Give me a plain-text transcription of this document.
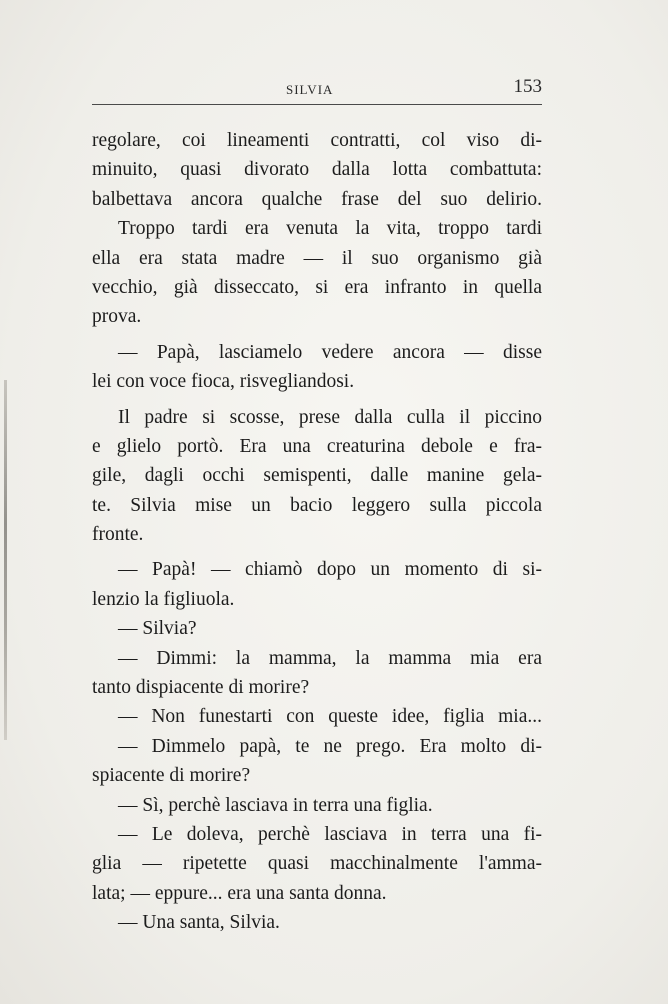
SILVIA	153
regolare, coi lineamenti contratti, col viso di-
minuito, quasi divorato dalla lotta combattuta:
balbettava ancora qualche frase del suo delirio.
Troppo tardi era venuta la vita, troppo tardi
ella era stata madre — il suo organismo già
vecchio, già disseccato, si era infranto in quella
prova.
— Papà, lasciamelo vedere ancora — disse
lei con voce fioca, risvegliandosi.
Il padre si scosse, prese dalla culla il piccino
e glielo portò. Era una creaturina debole e fra-
gile, dagli occhi semispenti, dalle manine gela-
te. Silvia mise un bacio leggero sulla piccola
fronte.
— Papà! — chiamò dopo un momento di si-
lenzio la figliuola.
— Silvia?
— Dimmi: la mamma, la mamma mia era
tanto dispiacente di morire?
— Non funestarti con queste idee, figlia mia...
— Dimmelo papà, te ne prego. Era molto di-
spiacente di morire?
— Sì, perchè lasciava in terra una figlia.
— Le doleva, perchè lasciava in terra una fi-
glia — ripetette quasi macchinalmente l'amma-
lata; — eppure... era una santa donna.
— Una santa, Silvia.
